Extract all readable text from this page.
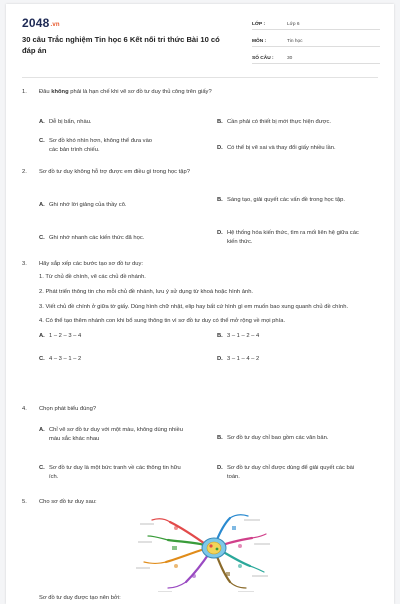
2048.vn
30 câu Trắc nghiệm Tin học 6 Kết nối tri thức Bài 10 có đáp án
LỚP :	Lớp 6
MÔN :	Tin học
SỐ CÂU :	30
1.	Đâu không phải là hạn chế khi vẽ sơ đồ tư duy thủ công trên giấy?
A. Dễ bị bẩn, nhàu.	B. Cần phải có thiết bị mới thực hiện được.
C. Sơ đồ khó nhìn hơn, không thể đưa vào các bản trình chiếu.	D. Có thể bị vẽ sai và thay đổi giấy nhiều lần.
2.	Sơ đồ tư duy không hỗ trợ được em điều gì trong học tập?
A. Ghi nhớ lời giảng của thầy cô.
B. Sáng tạo, giải quyết các vấn đề trong học tập.
C. Ghi nhớ nhanh các kiến thức đã học.
D. Hệ thống hóa kiến thức, tìm ra mối liên hệ giữa các kiến thức.
3.	Hãy sắp xếp các bước tạo sơ đồ tư duy:
1. Từ chủ đề chính, vẽ các chủ đề nhánh.
2. Phát triển thông tin cho mỗi chủ đề nhánh, lưu ý sử dụng từ khoá hoặc hình ảnh.
3. Viết chủ đề chính ở giữa tờ giấy. Dùng hình chữ nhật, elip hay bất cứ hình gì em muốn bao xung quanh chủ đề chính.
4. Có thể tạo thêm nhánh con khi bổ sung thông tin vì sơ đồ tư duy có thể mở rộng về mọi phía.
A. 1 – 2 – 3 – 4	B. 3 – 1 – 2 – 4
C. 4 – 3 – 1 – 2	D. 3 – 1 – 4 – 2
4.	Chọn phát biểu đúng?
A. Chỉ vẽ sơ đồ tư duy với một màu, không dùng nhiều màu sắc khác nhau	B. Sơ đồ tư duy chỉ bao gồm các văn bản.
C. Sơ đồ tư duy là một bức tranh về các thông tin hữu ích.
D. Sơ đồ tư duy chỉ được dùng để giải quyết các bài toán.
5.	Cho sơ đồ tư duy sau:
Sơ đồ tư duy được tạo nên bởi:
